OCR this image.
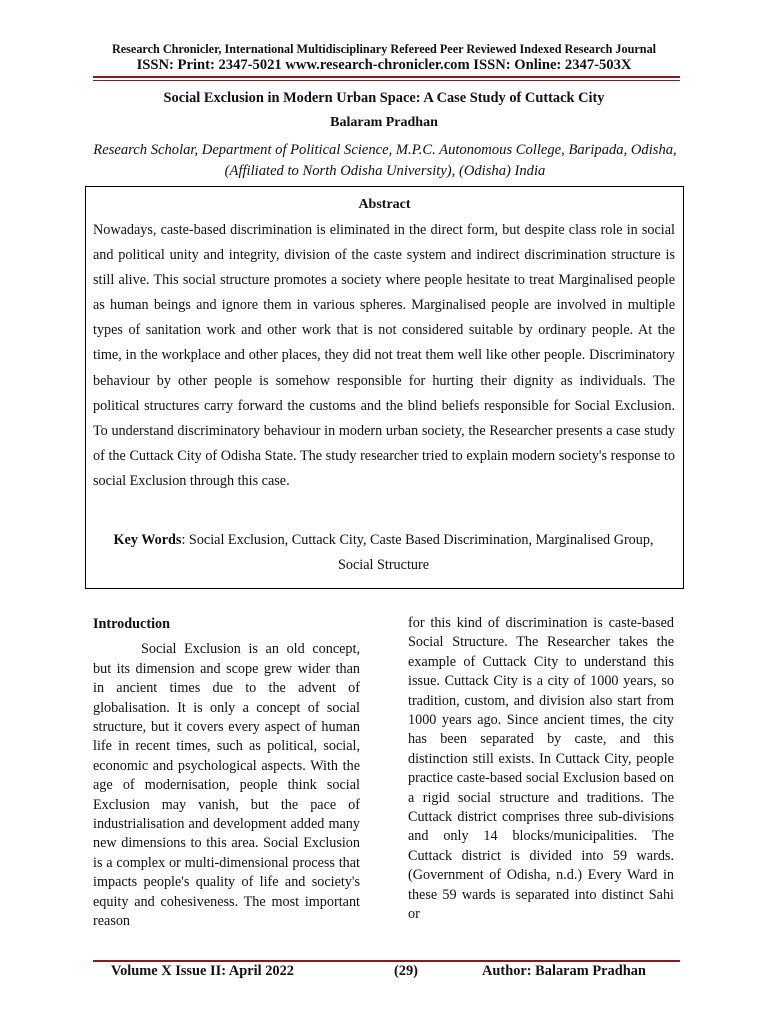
Research Chronicler, International Multidisciplinary Refereed Peer Reviewed Indexed Research Journal
ISSN: Print: 2347-5021 www.research-chronicler.com ISSN: Online: 2347-503X
Social Exclusion in Modern Urban Space: A Case Study of Cuttack City
Balaram Pradhan
Research Scholar, Department of Political Science, M.P.C. Autonomous College, Baripada, Odisha, (Affiliated to North Odisha University), (Odisha) India
Abstract
Nowadays, caste-based discrimination is eliminated in the direct form, but despite class role in social and political unity and integrity, division of the caste system and indirect discrimination structure is still alive. This social structure promotes a society where people hesitate to treat Marginalised people as human beings and ignore them in various spheres. Marginalised people are involved in multiple types of sanitation work and other work that is not considered suitable by ordinary people. At the time, in the workplace and other places, they did not treat them well like other people. Discriminatory behaviour by other people is somehow responsible for hurting their dignity as individuals. The political structures carry forward the customs and the blind beliefs responsible for Social Exclusion. To understand discriminatory behaviour in modern urban society, the Researcher presents a case study of the Cuttack City of Odisha State. The study researcher tried to explain modern society's response to social Exclusion through this case.
Key Words: Social Exclusion, Cuttack City, Caste Based Discrimination, Marginalised Group, Social Structure
Introduction

Social Exclusion is an old concept, but its dimension and scope grew wider than in ancient times due to the advent of globalisation. It is only a concept of social structure, but it covers every aspect of human life in recent times, such as political, social, economic and psychological aspects. With the age of modernisation, people think social Exclusion may vanish, but the pace of industrialisation and development added many new dimensions to this area. Social Exclusion is a complex or multi-dimensional process that impacts people's quality of life and society's equity and cohesiveness. The most important reason

for this kind of discrimination is caste-based Social Structure. The Researcher takes the example of Cuttack City to understand this issue. Cuttack City is a city of 1000 years, so tradition, custom, and division also start from 1000 years ago. Since ancient times, the city has been separated by caste, and this distinction still exists. In Cuttack City, people practice caste-based social Exclusion based on a rigid social structure and traditions. The Cuttack district comprises three sub-divisions and only 14 blocks/municipalities. The Cuttack district is divided into 59 wards.(Government of Odisha, n.d.) Every Ward in these 59 wards is separated into distinct Sahi or

Volume X Issue II: April 2022	(29)	Author: Balaram Pradhan
